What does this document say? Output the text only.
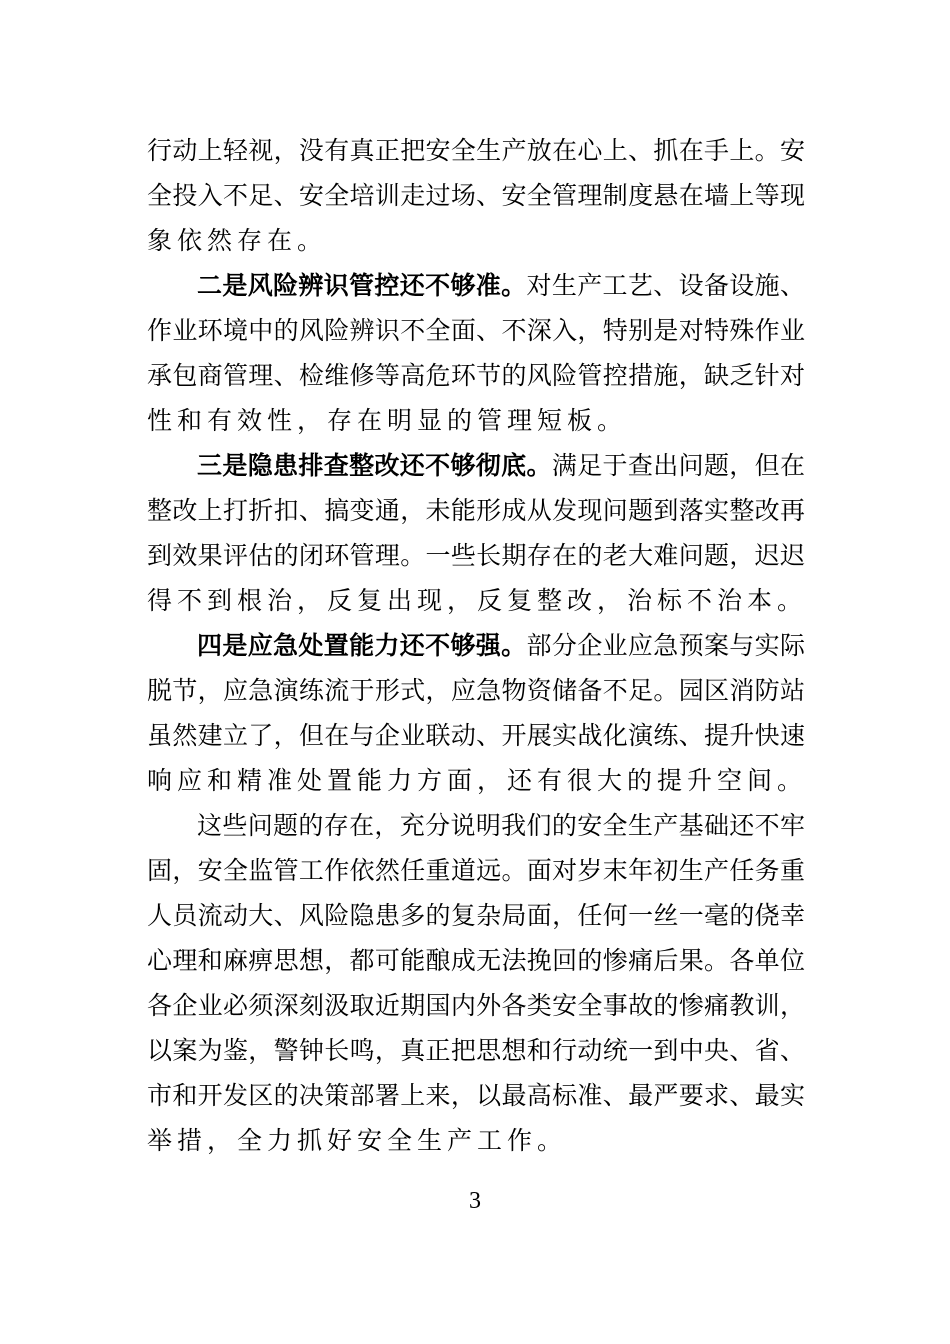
行动上轻视，没有真正把安全生产放在心上、抓在手上。安
全投入不足、安全培训走过场、安全管理制度悬在墙上等现
象依然存在。
二是风险辨识管控还不够准。对生产工艺、设备设施、
作业环境中的风险辨识不全面、不深入，特别是对特殊作业
承包商管理、检维修等高危环节的风险管控措施，缺乏针对
性和有效性，存在明显的管理短板。
三是隐患排查整改还不够彻底。满足于查出问题，但在
整改上打折扣、搞变通，未能形成从发现问题到落实整改再
到效果评估的闭环管理。一些长期存在的老大难问题，迟迟
得不到根治，反复出现，反复整改，治标不治本。
四是应急处置能力还不够强。部分企业应急预案与实际
脱节，应急演练流于形式，应急物资储备不足。园区消防站
虽然建立了，但在与企业联动、开展实战化演练、提升快速
响应和精准处置能力方面，还有很大的提升空间。
这些问题的存在，充分说明我们的安全生产基础还不牢
固，安全监管工作依然任重道远。面对岁末年初生产任务重
人员流动大、风险隐患多的复杂局面，任何一丝一毫的侥幸
心理和麻痹思想，都可能酿成无法挽回的惨痛后果。各单位
各企业必须深刻汲取近期国内外各类安全事故的惨痛教训，
以案为鉴，警钟长鸣，真正把思想和行动统一到中央、省、
市和开发区的决策部署上来，以最高标准、最严要求、最实
举措，全力抓好安全生产工作。
3
